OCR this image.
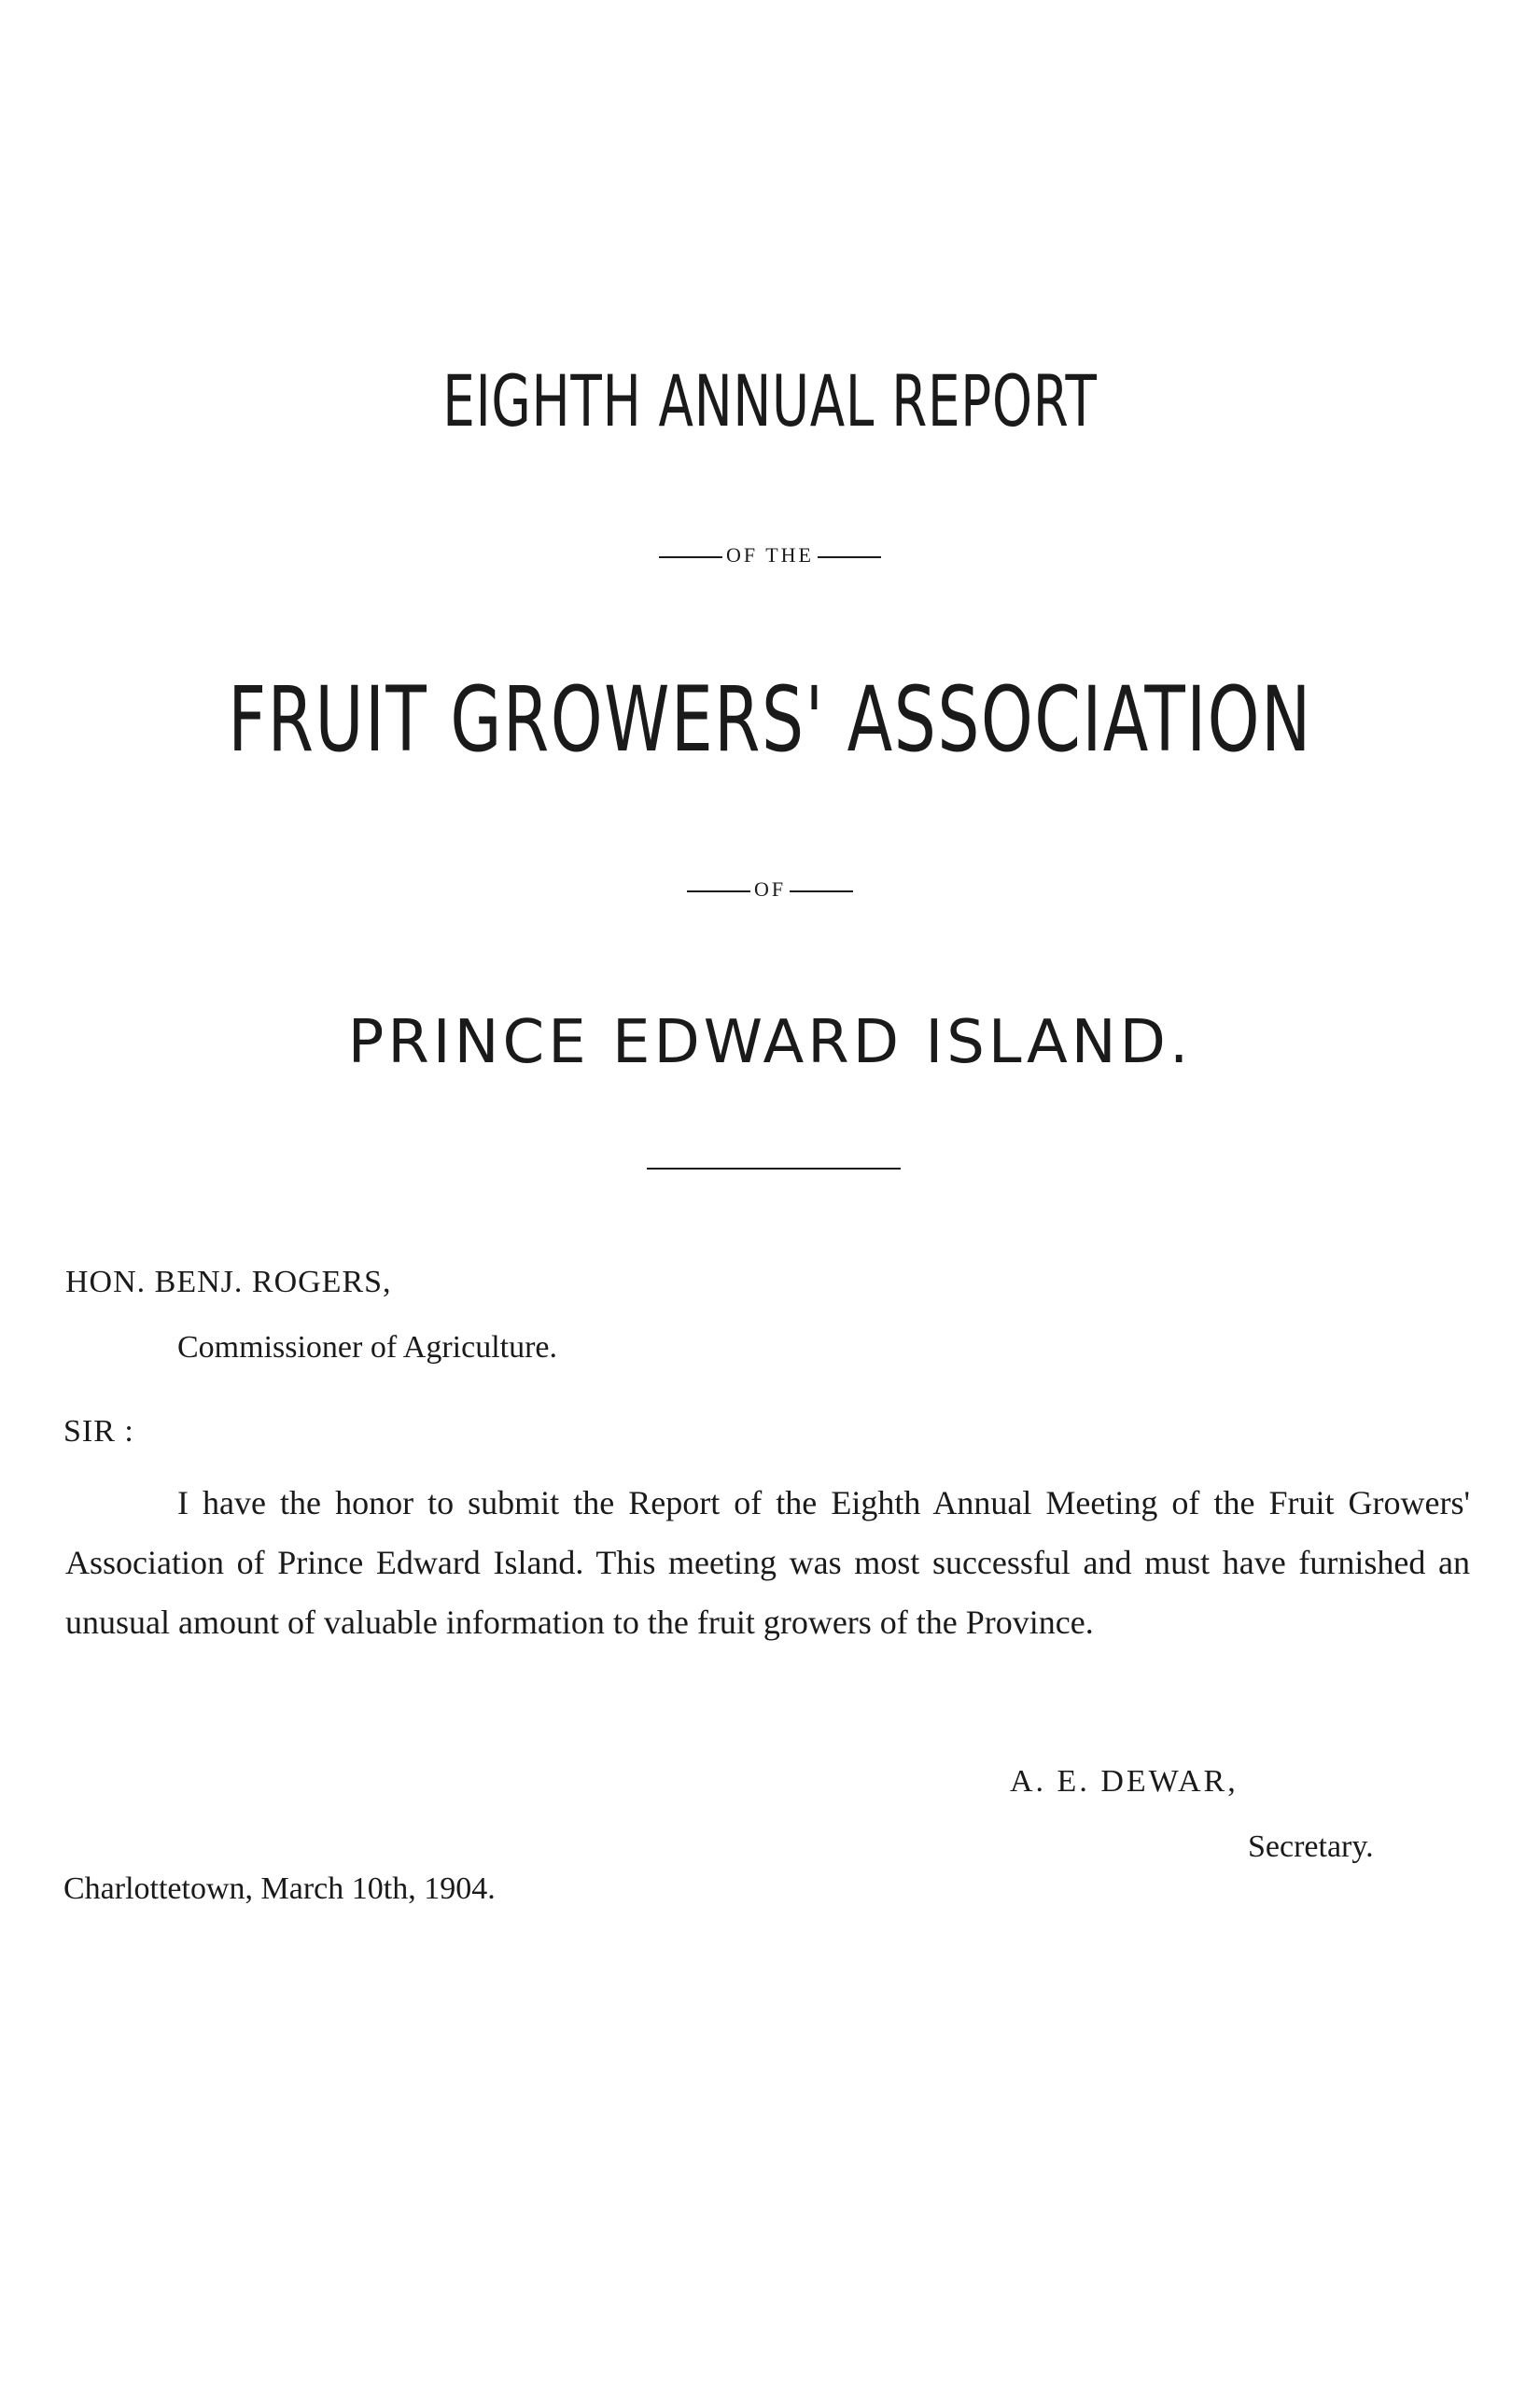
EIGHTH ANNUAL REPORT
OF THE
FRUIT GROWERS' ASSOCIATION
OF
PRINCE EDWARD ISLAND.
HON. BENJ. ROGERS,
Commissioner of Agriculture.
SIR :
I have the honor to submit the Report of the Eighth Annual Meeting of the Fruit Growers' Association of Prince Edward Island. This meeting was most successful and must have furnished an unusual amount of valuable information to the fruit growers of the Province.
A. E. DEWAR,
Secretary.
Charlottetown, March 10th, 1904.
